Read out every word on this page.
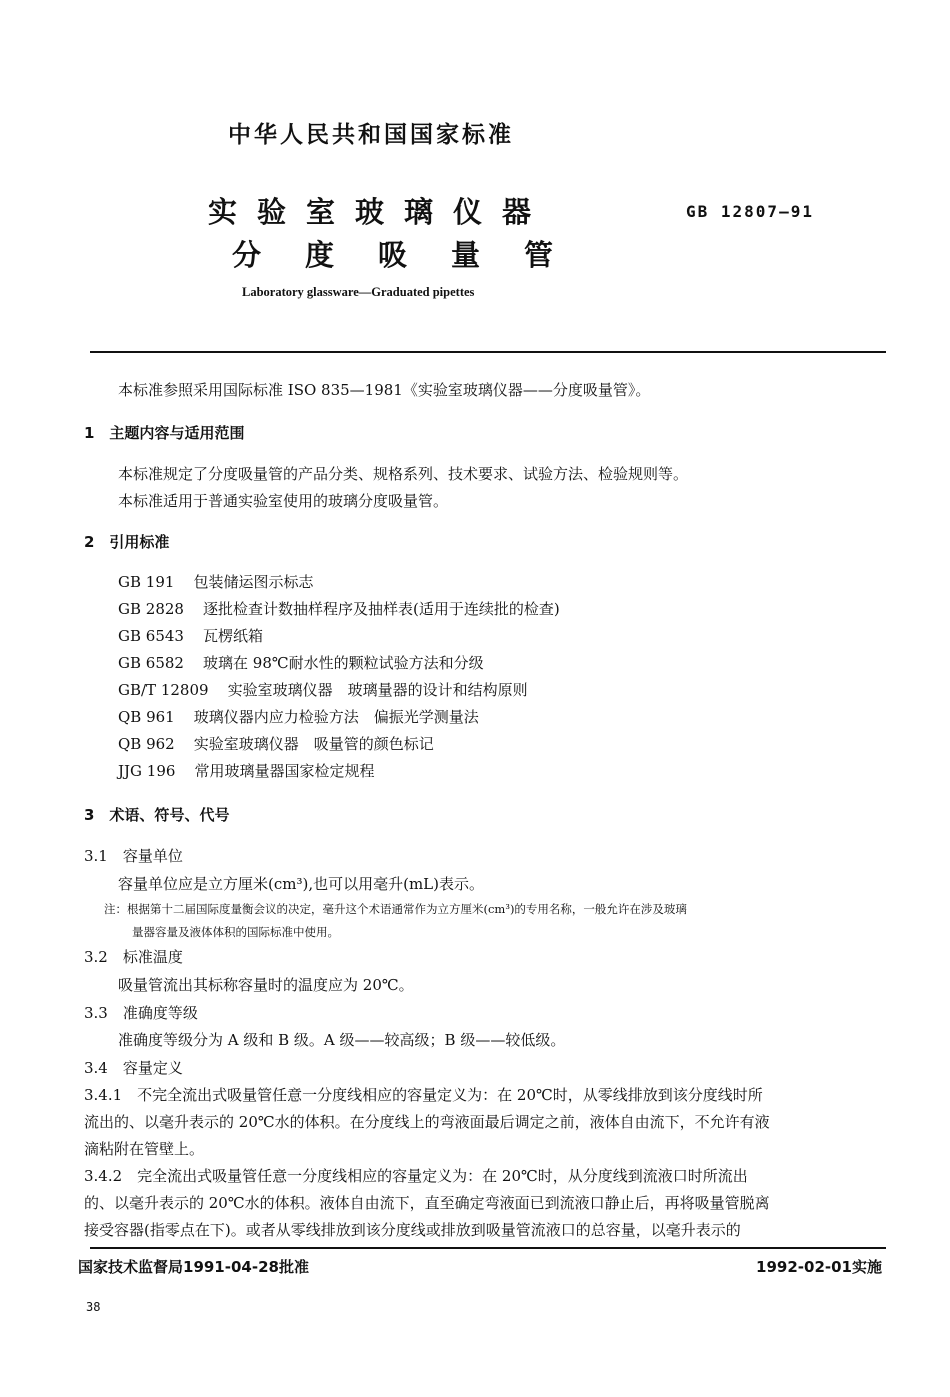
中华人民共和国国家标准
实验室玻璃仪器
分度吸量管
GB 12807—91
Laboratory glassware—Graduated pipettes
本标准参照采用国际标准 ISO 835—1981《实验室玻璃仪器——分度吸量管》。
1　主题内容与适用范围
本标准规定了分度吸量管的产品分类、规格系列、技术要求、试验方法、检验规则等。
本标准适用于普通实验室使用的玻璃分度吸量管。
2　引用标准
GB 191 包装储运图示标志
GB 2828 逐批检查计数抽样程序及抽样表(适用于连续批的检查)
GB 6543 瓦楞纸箱
GB 6582 玻璃在 98℃耐水性的颗粒试验方法和分级
GB/T 12809 实验室玻璃仪器　玻璃量器的设计和结构原则
QB 961 玻璃仪器内应力检验方法　偏振光学测量法
QB 962 实验室玻璃仪器　吸量管的颜色标记
JJG 196 常用玻璃量器国家检定规程
3　术语、符号、代号
3.1　容量单位
容量单位应是立方厘米(cm³),也可以用毫升(mL)表示。
注：根据第十二届国际度量衡会议的决定，毫升这个术语通常作为立方厘米(cm³)的专用名称，一般允许在涉及玻璃
量器容量及液体体积的国际标准中使用。
3.2　标准温度
吸量管流出其标称容量时的温度应为 20℃。
3.3　准确度等级
准确度等级分为 A 级和 B 级。A 级——较高级；B 级——较低级。
3.4　容量定义
3.4.1　不完全流出式吸量管任意一分度线相应的容量定义为：在 20℃时，从零线排放到该分度线时所
流出的、以毫升表示的 20℃水的体积。在分度线上的弯液面最后调定之前，液体自由流下，不允许有液
滴粘附在管壁上。
3.4.2　完全流出式吸量管任意一分度线相应的容量定义为：在 20℃时，从分度线到流液口时所流出
的、以毫升表示的 20℃水的体积。液体自由流下，直至确定弯液面已到流液口静止后，再将吸量管脱离
接受容器(指零点在下)。或者从零线排放到该分度线或排放到吸量管流液口的总容量，以毫升表示的
国家技术监督局1991-04-28批准	1992-02-01实施
38
